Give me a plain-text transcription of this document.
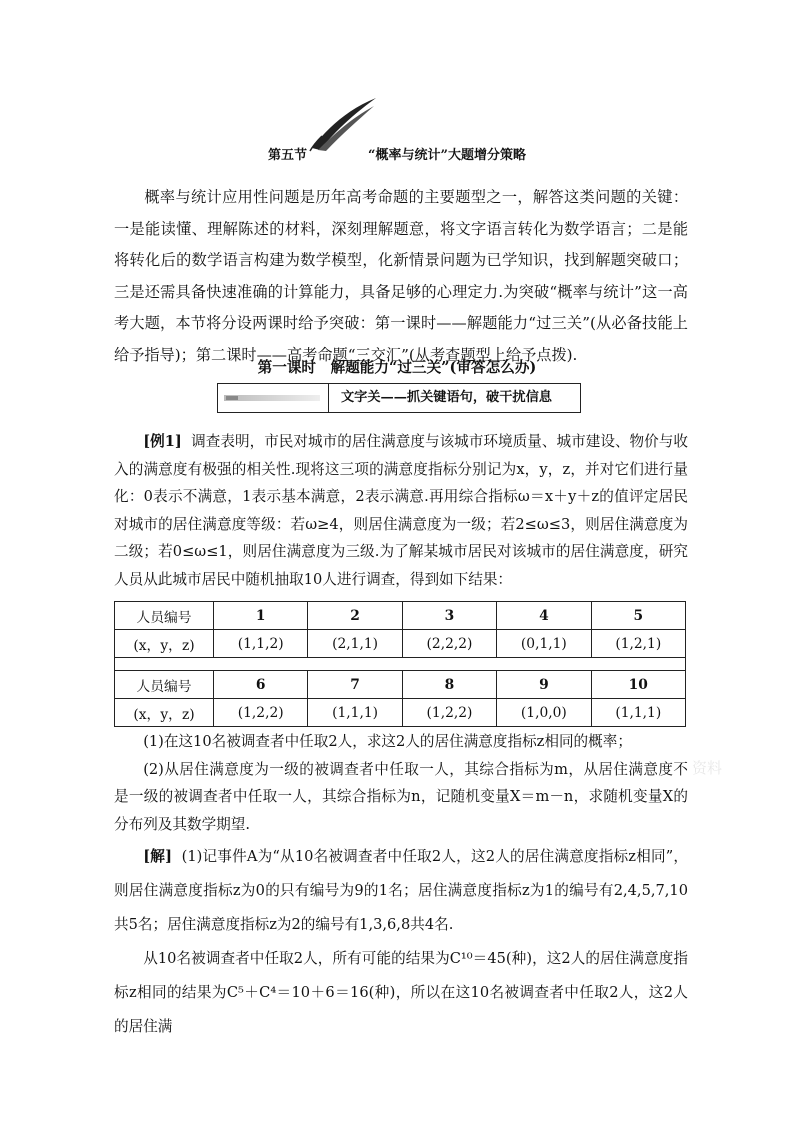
第五节	“概率与统计”大题增分策略
概率与统计应用性问题是历年高考命题的主要题型之一，解答这类问题的关键：一是能读懂、理解陈述的材料，深刻理解题意，将文字语言转化为数学语言；二是能将转化后的数学语言构建为数学模型，化新情景问题为已学知识，找到解题突破口；三是还需具备快速准确的计算能力，具备足够的心理定力.为突破“概率与统计”这一高考大题，本节将分设两课时给予突破：第一课时——解题能力“过三关”(从必备技能上给予指导)；第二课时——高考命题“三交汇”(从考查题型上给予点拨).
第一课时　解题能力“过三关”(审答怎么办)
文字关——抓关键语句，破干扰信息
[例1] 调查表明，市民对城市的居住满意度与该城市环境质量、城市建设、物价与收入的满意度有极强的相关性.现将这三项的满意度指标分别记为x，y，z，并对它们进行量化：0表示不满意，1表示基本满意，2表示满意.再用综合指标ω＝x＋y＋z的值评定居民对城市的居住满意度等级：若ω≥4，则居住满意度为一级；若2≤ω≤3，则居住满意度为二级；若0≤ω≤1，则居住满意度为三级.为了解某城市居民对该城市的居住满意度，研究人员从此城市居民中随机抽取10人进行调查，得到如下结果：
人员编号	1	2	3	4	5
(x，y，z)	(1,1,2)	(2,1,1)	(2,2,2)	(0,1,1)	(1,2,1)

人员编号	6	7	8	9	10
(x，y，z)	(1,2,2)	(1,1,1)	(1,2,2)	(1,0,0)	(1,1,1)
(1)在这10名被调查者中任取2人，求这2人的居住满意度指标z相同的概率；
(2)从居住满意度为一级的被调查者中任取一人，其综合指标为m，从居住满意度不是一级的被调查者中任取一人，其综合指标为n，记随机变量X＝m－n，求随机变量X的分布列及其数学期望.
资料
[解] (1)记事件A为“从10名被调查者中任取2人，这2人的居住满意度指标z相同”，则居住满意度指标z为0的只有编号为9的1名；居住满意度指标z为1的编号有2,4,5,7,10共5名；居住满意度指标z为2的编号有1,3,6,8共4名.
从10名被调查者中任取2人，所有可能的结果为C¹⁰＝45(种)，这2人的居住满意度指标z相同的结果为C⁵＋C⁴＝10＋6＝16(种)，所以在这10名被调查者中任取2人，这2人的居住满
